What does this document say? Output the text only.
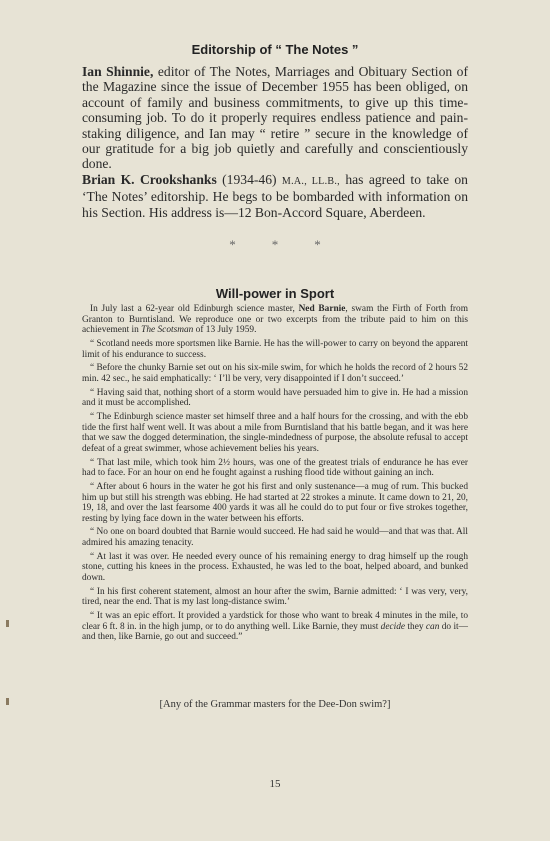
Editorship of “ The Notes ”

Ian Shinnie, editor of The Notes, Marriages and Obituary Section of the Magazine since the issue of December 1955 has been obliged, on account of family and business commitments, to give up this time-consuming job. To do it properly requires endless patience and pain-staking diligence, and Ian may “ retire ” secure in the knowledge of our gratitude for a big job quietly and carefully and conscientiously done.

Brian K. Crookshanks (1934-46) M.A., LL.B., has agreed to take on ‘The Notes’ editorship. He begs to be bombarded with information on his Section. His address is—12 Bon-Accord Square, Aberdeen.

*	*	*
Will-power in Sport

In July last a 62-year old Edinburgh science master, Ned Barnie, swam the Firth of Forth from Granton to Burntisland. We reproduce one or two excerpts from the tribute paid to him on this achievement in The Scotsman of 13 July 1959.

“ Scotland needs more sportsmen like Barnie. He has the will-power to carry on beyond the apparent limit of his endurance to success.

“ Before the chunky Barnie set out on his six-mile swim, for which he holds the record of 2 hours 52 min. 42 sec., he said emphatically: ‘ I’ll be very, very disappointed if I don’t succeed.’

“ Having said that, nothing short of a storm would have persuaded him to give in. He had a mission and it must be accomplished.

“ The Edinburgh science master set himself three and a half hours for the crossing, and with the ebb tide the first half went well. It was about a mile from Burntisland that his battle began, and it was here that we saw the dogged determination, the single-mindedness of purpose, the absolute refusal to accept defeat of a great swimmer, whose achievement belies his years.

“ That last mile, which took him 2½ hours, was one of the greatest trials of endurance he has ever had to face. For an hour on end he fought against a rushing flood tide without gaining an inch.

“ After about 6 hours in the water he got his first and only sustenance—a mug of rum. This bucked him up but still his strength was ebbing. He had started at 22 strokes a minute. It came down to 21, 20, 19, 18, and over the last fearsome 400 yards it was all he could do to put four or five strokes together, resting by lying face down in the water between his efforts.

“ No one on board doubted that Barnie would succeed. He had said he would—and that was that. All admired his amazing tenacity.

“ At last it was over. He needed every ounce of his remaining energy to drag himself up the rough stone, cutting his knees in the process. Exhausted, he was led to the boat, helped aboard, and bunked down.

“ In his first coherent statement, almost an hour after the swim, Barnie admitted: ‘ I was very, very, tired, near the end. That is my last long-distance swim.’

“ It was an epic effort. It provided a yardstick for those who want to break 4 minutes in the mile, to clear 6 ft. 8 in. in the high jump, or to do anything well. Like Barnie, they must decide they can do it—and then, like Barnie, go out and succeed.”

[Any of the Grammar masters for the Dee-Don swim?]
15
